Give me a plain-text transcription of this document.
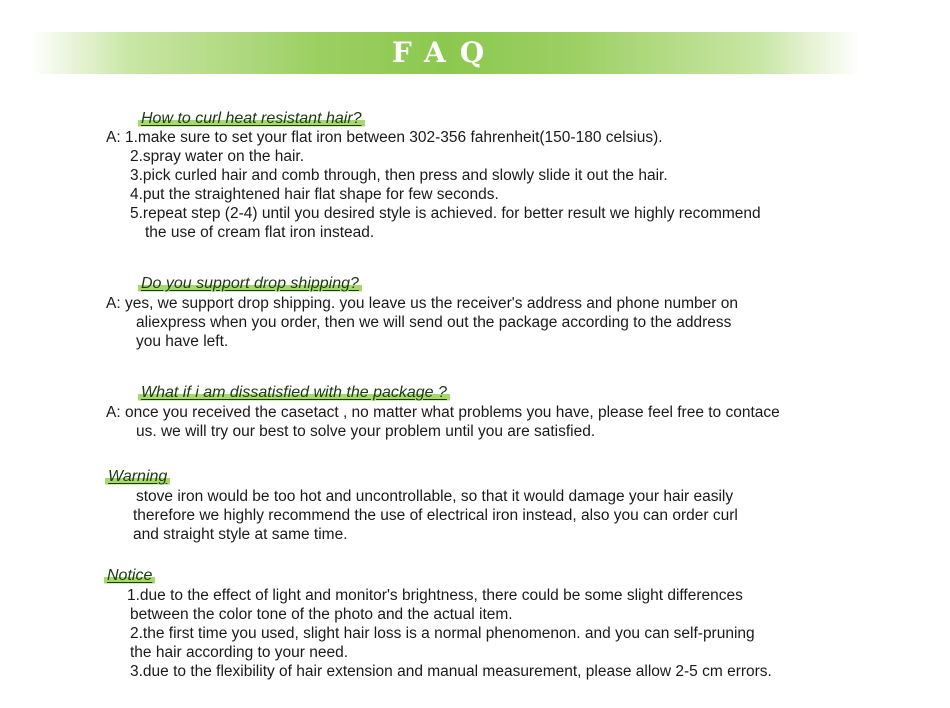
FAQ
How to curl heat resistant hair?
A: 1.make sure to set your flat iron between 302-356 fahrenheit(150-180 celsius).
2.spray water on the hair.
3.pick curled hair and comb through, then press and slowly slide it out the hair.
4.put the straightened hair flat shape for few seconds.
5.repeat step (2-4) until you desired style is achieved. for better result we highly recommend
the use of cream flat iron instead.
Do you support drop shipping?
A: yes, we support drop shipping. you leave us the receiver's address and phone number on
aliexpress when you order, then we will send out the package according to the address
you have left.
What if i am dissatisfied with the package ?
A: once you received the casetact , no matter what problems you have, please feel free to contace
us. we will try our best to solve your problem until you are satisfied.
Warning
stove iron would be too hot and uncontrollable, so that it would damage your hair easily
therefore we highly recommend the use of electrical iron instead, also you can order curl
and straight style at same time.
Notice
1.due to the effect of light and monitor's brightness, there could be some slight differences
between the color tone of the photo and the actual item.
2.the first time you used, slight hair loss is a normal phenomenon. and you can self-pruning
the hair according to your need.
3.due to the flexibility of hair extension and manual measurement, please allow 2-5 cm errors.
